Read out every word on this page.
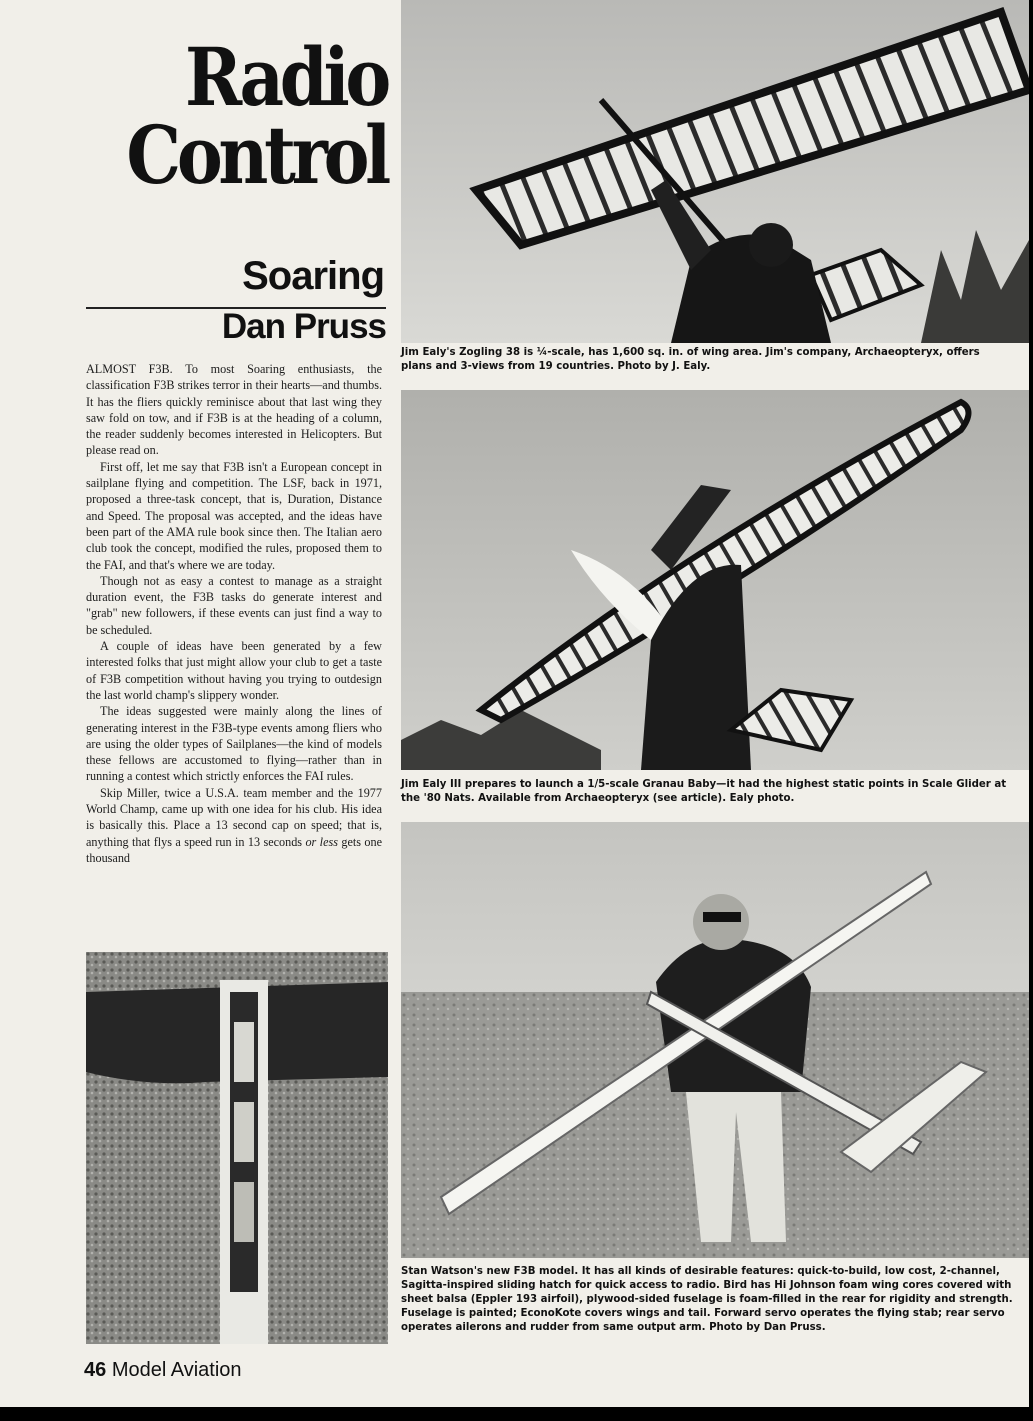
Radio
Control
Soaring
Dan Pruss

ALMOST F3B. To most Soaring enthusiasts, the classification F3B strikes terror in their hearts—and thumbs. It has the fliers quickly reminisce about that last wing they saw fold on tow, and if F3B is at the heading of a column, the reader suddenly becomes interested in Helicopters. But please read on.

First off, let me say that F3B isn't a European concept in sailplane flying and competition. The LSF, back in 1971, proposed a three-task concept, that is, Duration, Distance and Speed. The proposal was accepted, and the ideas have been part of the AMA rule book since then. The Italian aero club took the concept, modified the rules, proposed them to the FAI, and that's where we are today.

Though not as easy a contest to manage as a straight duration event, the F3B tasks do generate interest and "grab" new followers, if these events can just find a way to be scheduled.

A couple of ideas have been generated by a few interested folks that just might allow your club to get a taste of F3B competition without having you trying to outdesign the last world champ's slippery wonder.

The ideas suggested were mainly along the lines of generating interest in the F3B-type events among fliers who are using the older types of Sailplanes—the kind of models these fellows are accustomed to flying—rather than in running a contest which strictly enforces the FAI rules.

Skip Miller, twice a U.S.A. team member and the 1977 World Champ, came up with one idea for his club. His idea is basically this. Place a 13 second cap on speed; that is, anything that flys a speed run in 13 seconds or less gets one thousand

Jim Ealy's Zogling 38 is ¼-scale, has 1,600 sq. in. of wing area. Jim's company, Archaeopteryx, offers plans and 3-views from 19 countries. Photo by J. Ealy.

Jim Ealy III prepares to launch a 1/5-scale Granau Baby—it had the highest static points in Scale Glider at the '80 Nats. Available from Archaeopteryx (see article). Ealy photo.

Stan Watson's new F3B model. It has all kinds of desirable features: quick-to-build, low cost, 2-channel, Sagitta-inspired sliding hatch for quick access to radio. Bird has Hi Johnson foam wing cores covered with sheet balsa (Eppler 193 airfoil), plywood-sided fuselage is foam-filled in the rear for rigidity and strength. Fuselage is painted; EconoKote covers wings and tail. Forward servo operates the flying stab; rear servo operates ailerons and rudder from same output arm. Photo by Dan Pruss.

46 Model Aviation
